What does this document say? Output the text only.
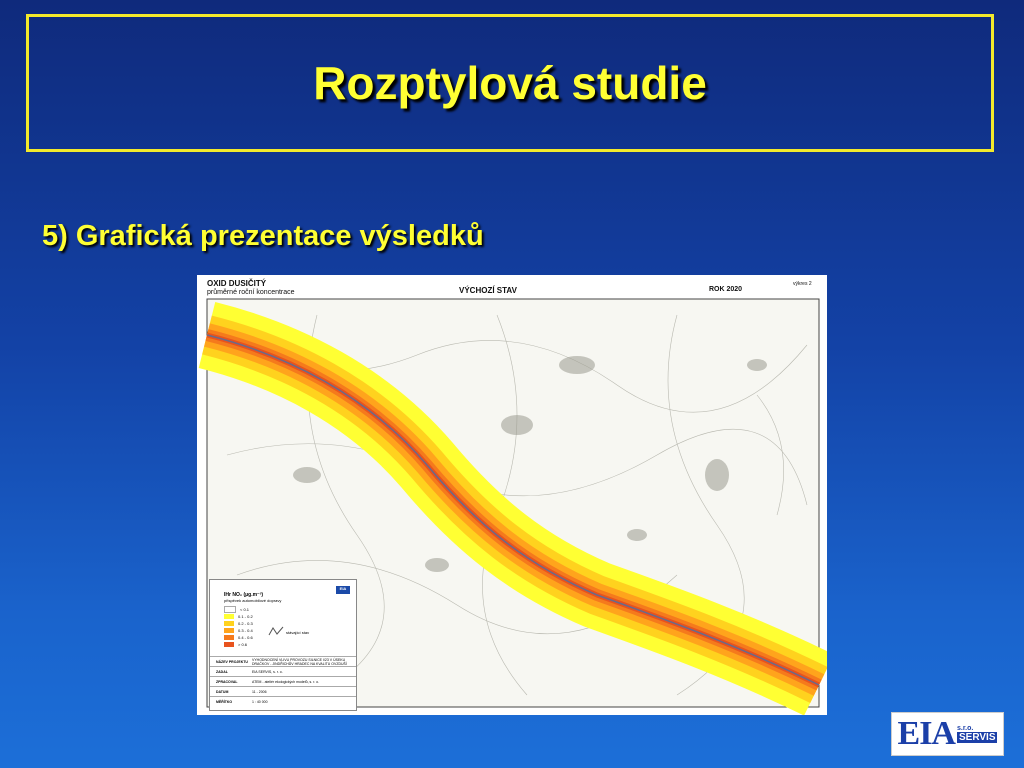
Rozptylová studie
5) Grafická prezentace výsledků
OXID DUSIČITÝ
průměrné roční koncentrace	VÝCHOZÍ STAV	ROK 2020
výkres 2
EIA
IHr NO₂ (μg.m⁻³)
přispěvek automobilové dopravy
< 0.1
0.1 - 0.2
0.2 - 0.3
0.3 - 0.4
0.4 - 0.6
> 0.6
stávající stav
NÁZEV PROJEKTU	VYHODNOCENÍ VLIVU PROVOZU SILNICE I/23 V ÚSEKU DRAČKOV - JINDŘICHŮV HRADEC NA KVALITU OVZDUŠÍ
ZADAL	EIA SERVIS, s. r. o.
ZPRACOVAL	ATEM - ateliér ekologických modelů, s. r. o.
DATUM	11 - 2006
MĚŘÍTKO	1 : 40 000
EIA s.r.o.
SERVIS
